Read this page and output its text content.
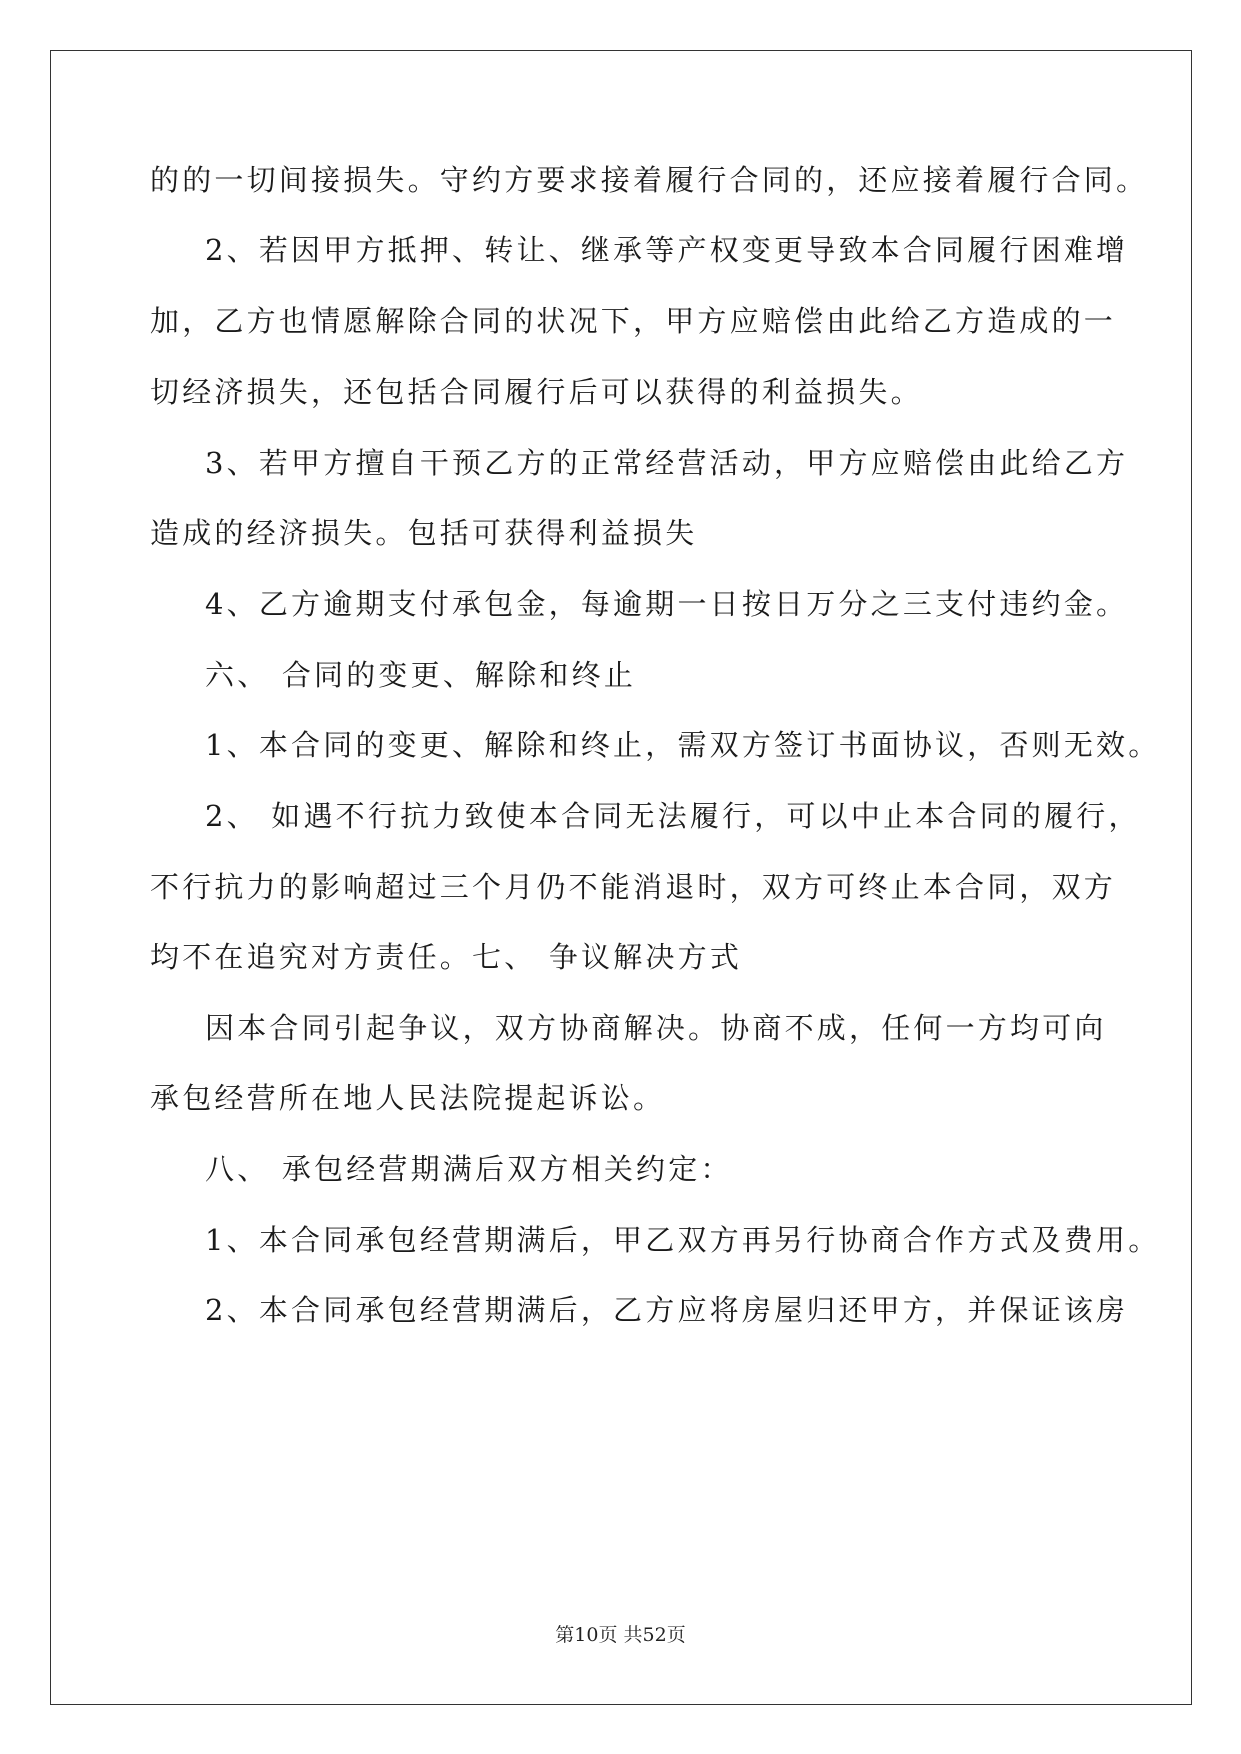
的的一切间接损失。守约方要求接着履行合同的，还应接着履行合同。
2、若因甲方抵押、转让、继承等产权变更导致本合同履行困难增
加，乙方也情愿解除合同的状况下，甲方应赔偿由此给乙方造成的一
切经济损失，还包括合同履行后可以获得的利益损失。
3、若甲方擅自干预乙方的正常经营活动，甲方应赔偿由此给乙方
造成的经济损失。包括可获得利益损失
4、乙方逾期支付承包金，每逾期一日按日万分之三支付违约金。
六、 合同的变更、解除和终止
1、本合同的变更、解除和终止，需双方签订书面协议，否则无效。
2、 如遇不行抗力致使本合同无法履行，可以中止本合同的履行，
不行抗力的影响超过三个月仍不能消退时，双方可终止本合同，双方
均不在追究对方责任。七、 争议解决方式
因本合同引起争议，双方协商解决。协商不成，任何一方均可向
承包经营所在地人民法院提起诉讼。
八、 承包经营期满后双方相关约定：
1、本合同承包经营期满后，甲乙双方再另行协商合作方式及费用。
2、本合同承包经营期满后，乙方应将房屋归还甲方，并保证该房
第10页 共52页
